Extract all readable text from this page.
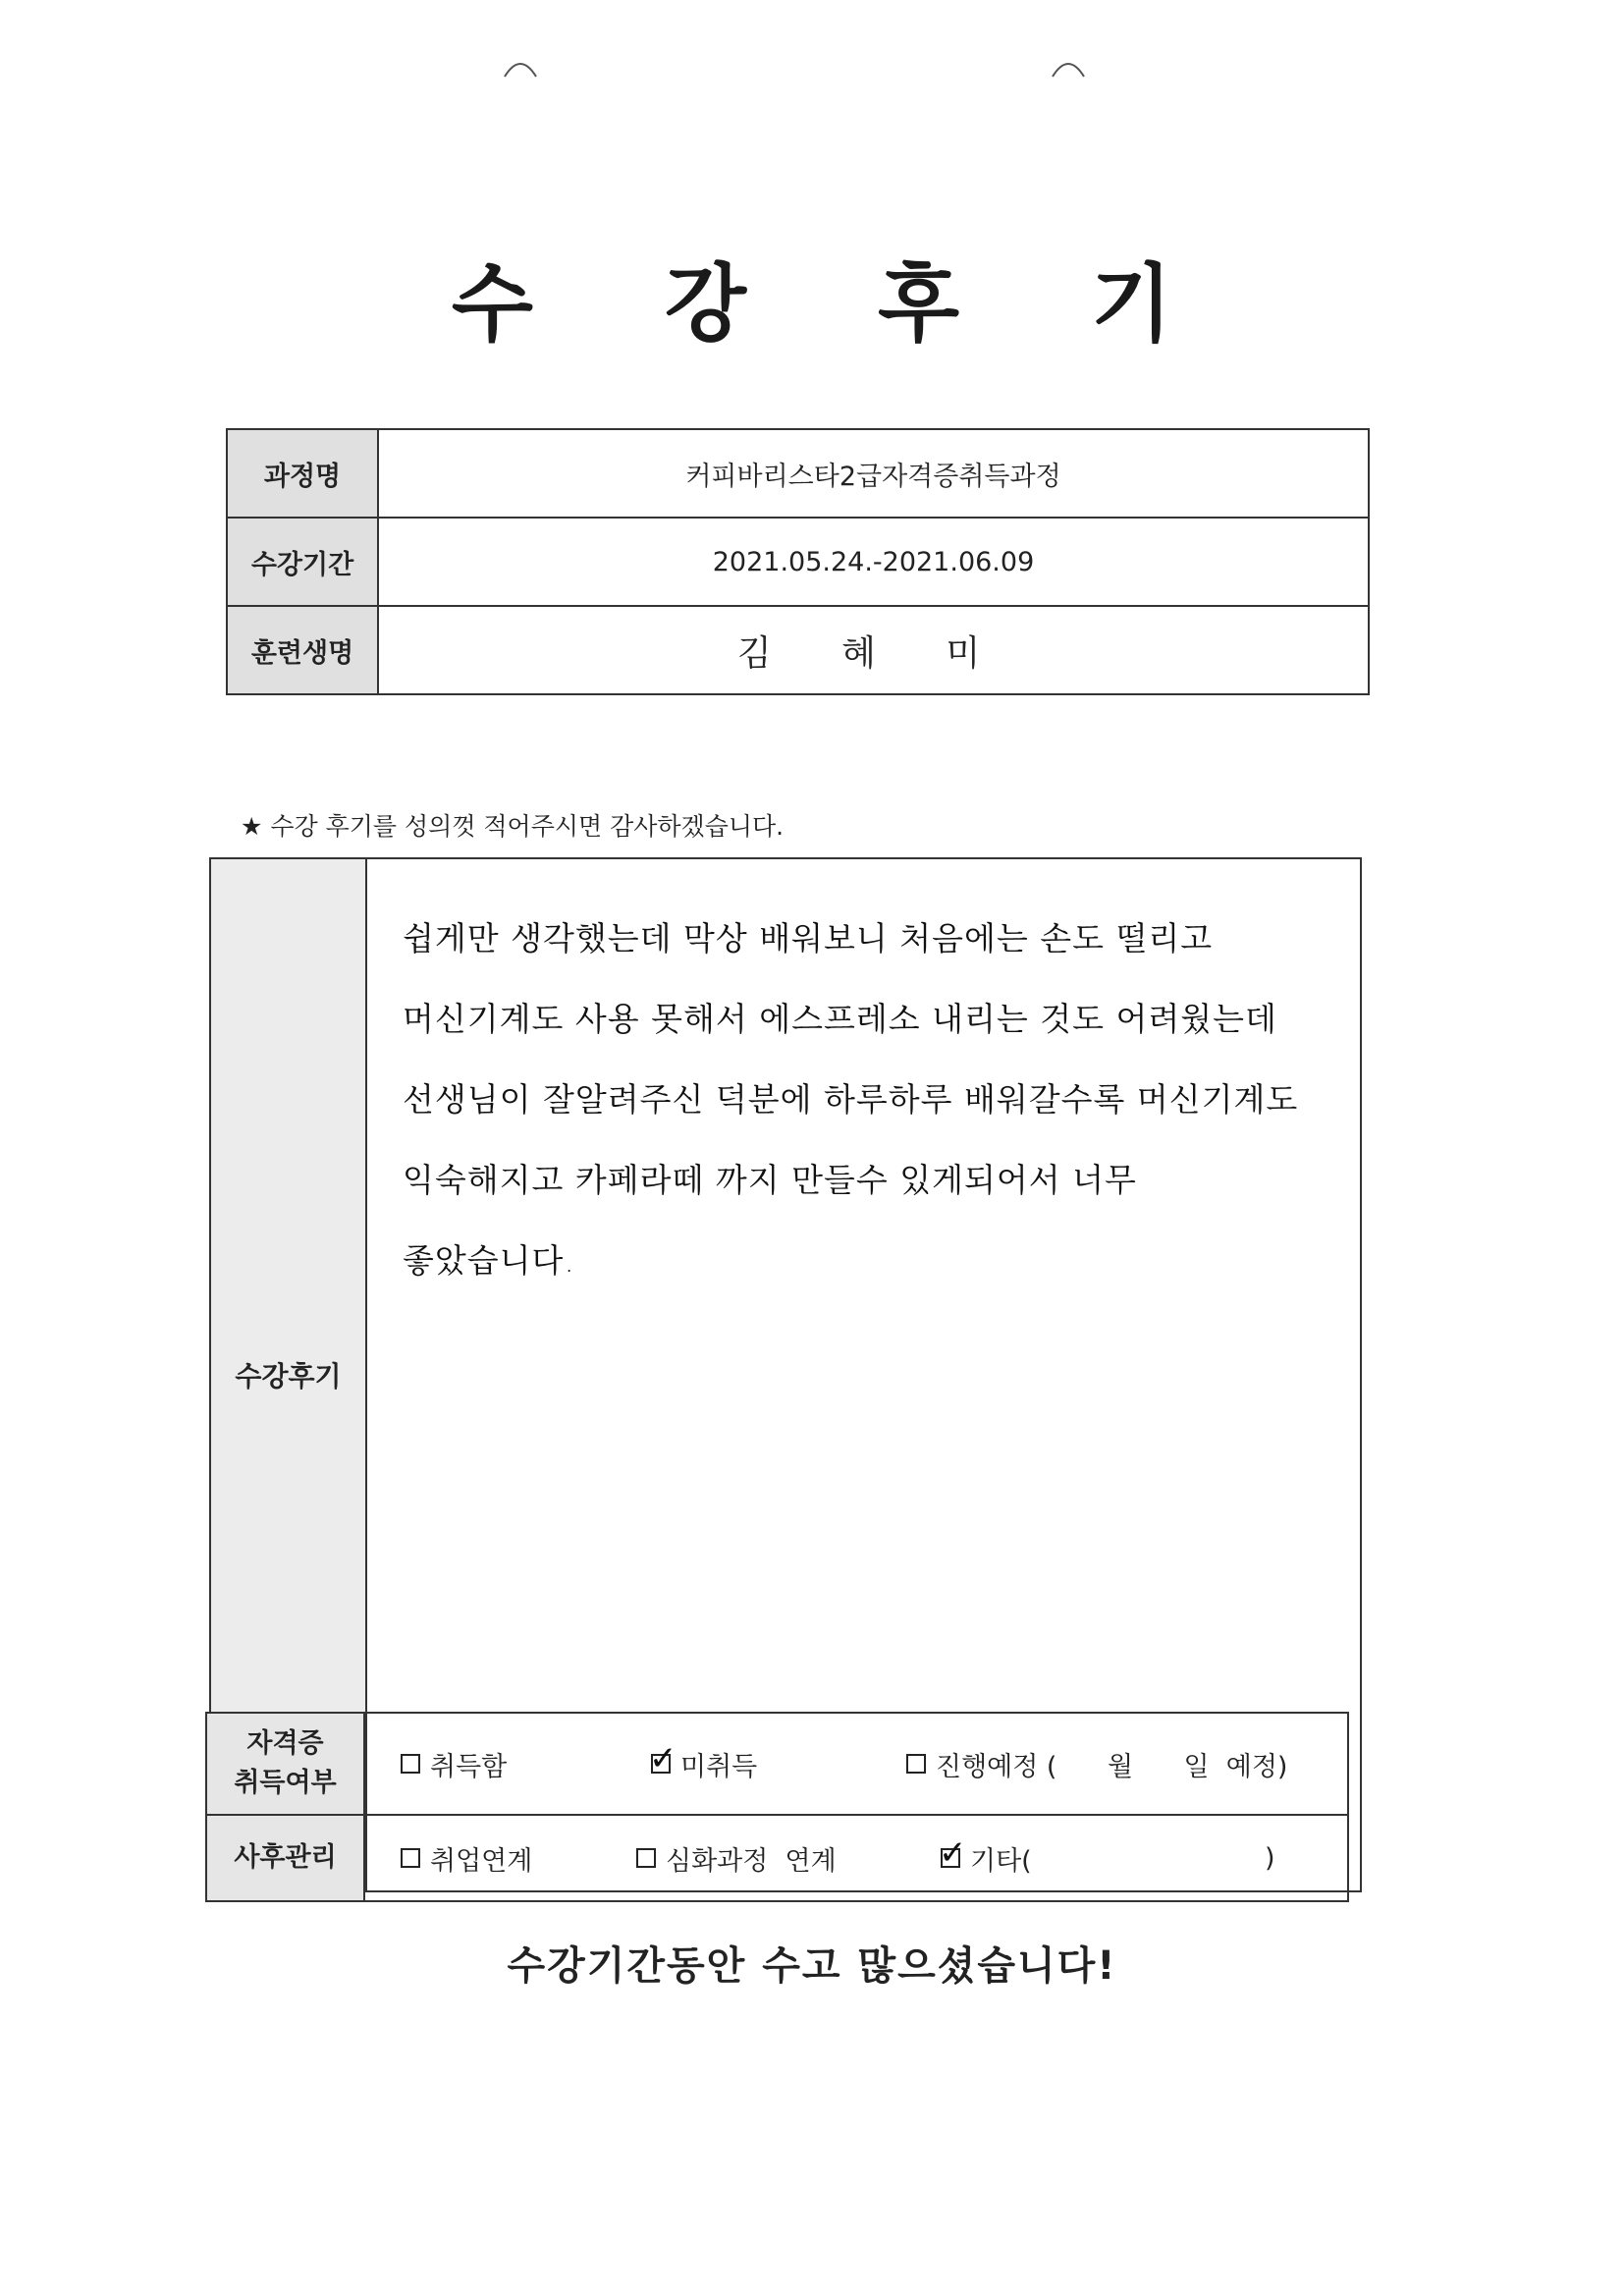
수 강 후 기
과정명	커피바리스타2급자격증취득과정
수강기간	2021.05.24.-2021.06.09
훈련생명	김 혜 미
★ 수강 후기를 성의껏 적어주시면 감사하겠습니다.
수강후기
쉽게만 생각했는데 막상 배워보니 처음에는 손도 떨리고
머신기계도 사용 못해서 에스프레소 내리는 것도 어려웠는데
선생님이 잘알려주신 덕분에 하루하루 배워갈수록 머신기계도
익숙해지고 카페라떼 까지 만들수 있게되어서 너무
좋았습니다.
자격증
취득여부	취득함 ✓ 미취득 진행예정 (      월      일  예정)

사후관리	취업연계 심화과정  연계 ✓ 기타( )
수강기간동안 수고 많으셨습니다!
